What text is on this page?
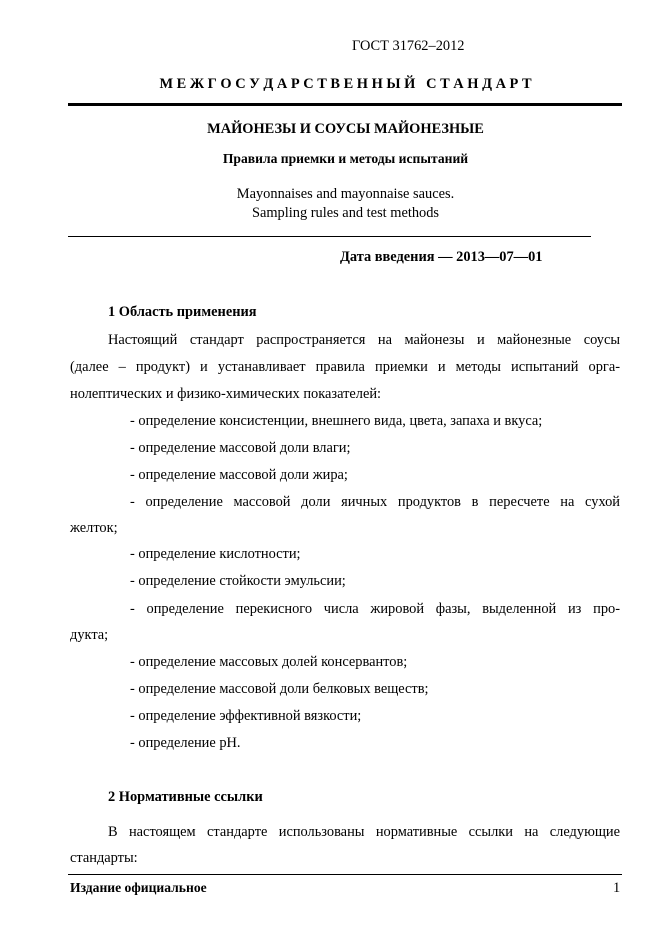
ГОСТ 31762–2012
М Е Ж Г О С У Д А Р С Т В Е Н Н Ы Й   С Т А Н Д А Р Т
МАЙОНЕЗЫ И СОУСЫ МАЙОНЕЗНЫЕ
Правила приемки и методы испытаний
Mayonnaises and mayonnaise sauces.
Sampling rules and test methods
Дата введения — 2013—07—01
1 Область применения
Настоящий стандарт распространяется на майонезы и майонезные соусы
(далее – продукт) и устанавливает правила приемки и методы испытаний орга-
нолептических и физико-химических показателей:
- определение консистенции, внешнего вида, цвета, запаха и вкуса;
- определение массовой доли влаги;
- определение массовой доли жира;
- определение массовой доли яичных продуктов в пересчете на сухой
желток;
- определение кислотности;
- определение стойкости эмульсии;
- определение перекисного числа жировой фазы, выделенной из про-
дукта;
- определение массовых долей консервантов;
- определение массовой доли белковых веществ;
- определение эффективной вязкости;
- определение pH.
2 Нормативные ссылки
В настоящем стандарте использованы нормативные ссылки на следующие
стандарты:
Издание официальное	1
